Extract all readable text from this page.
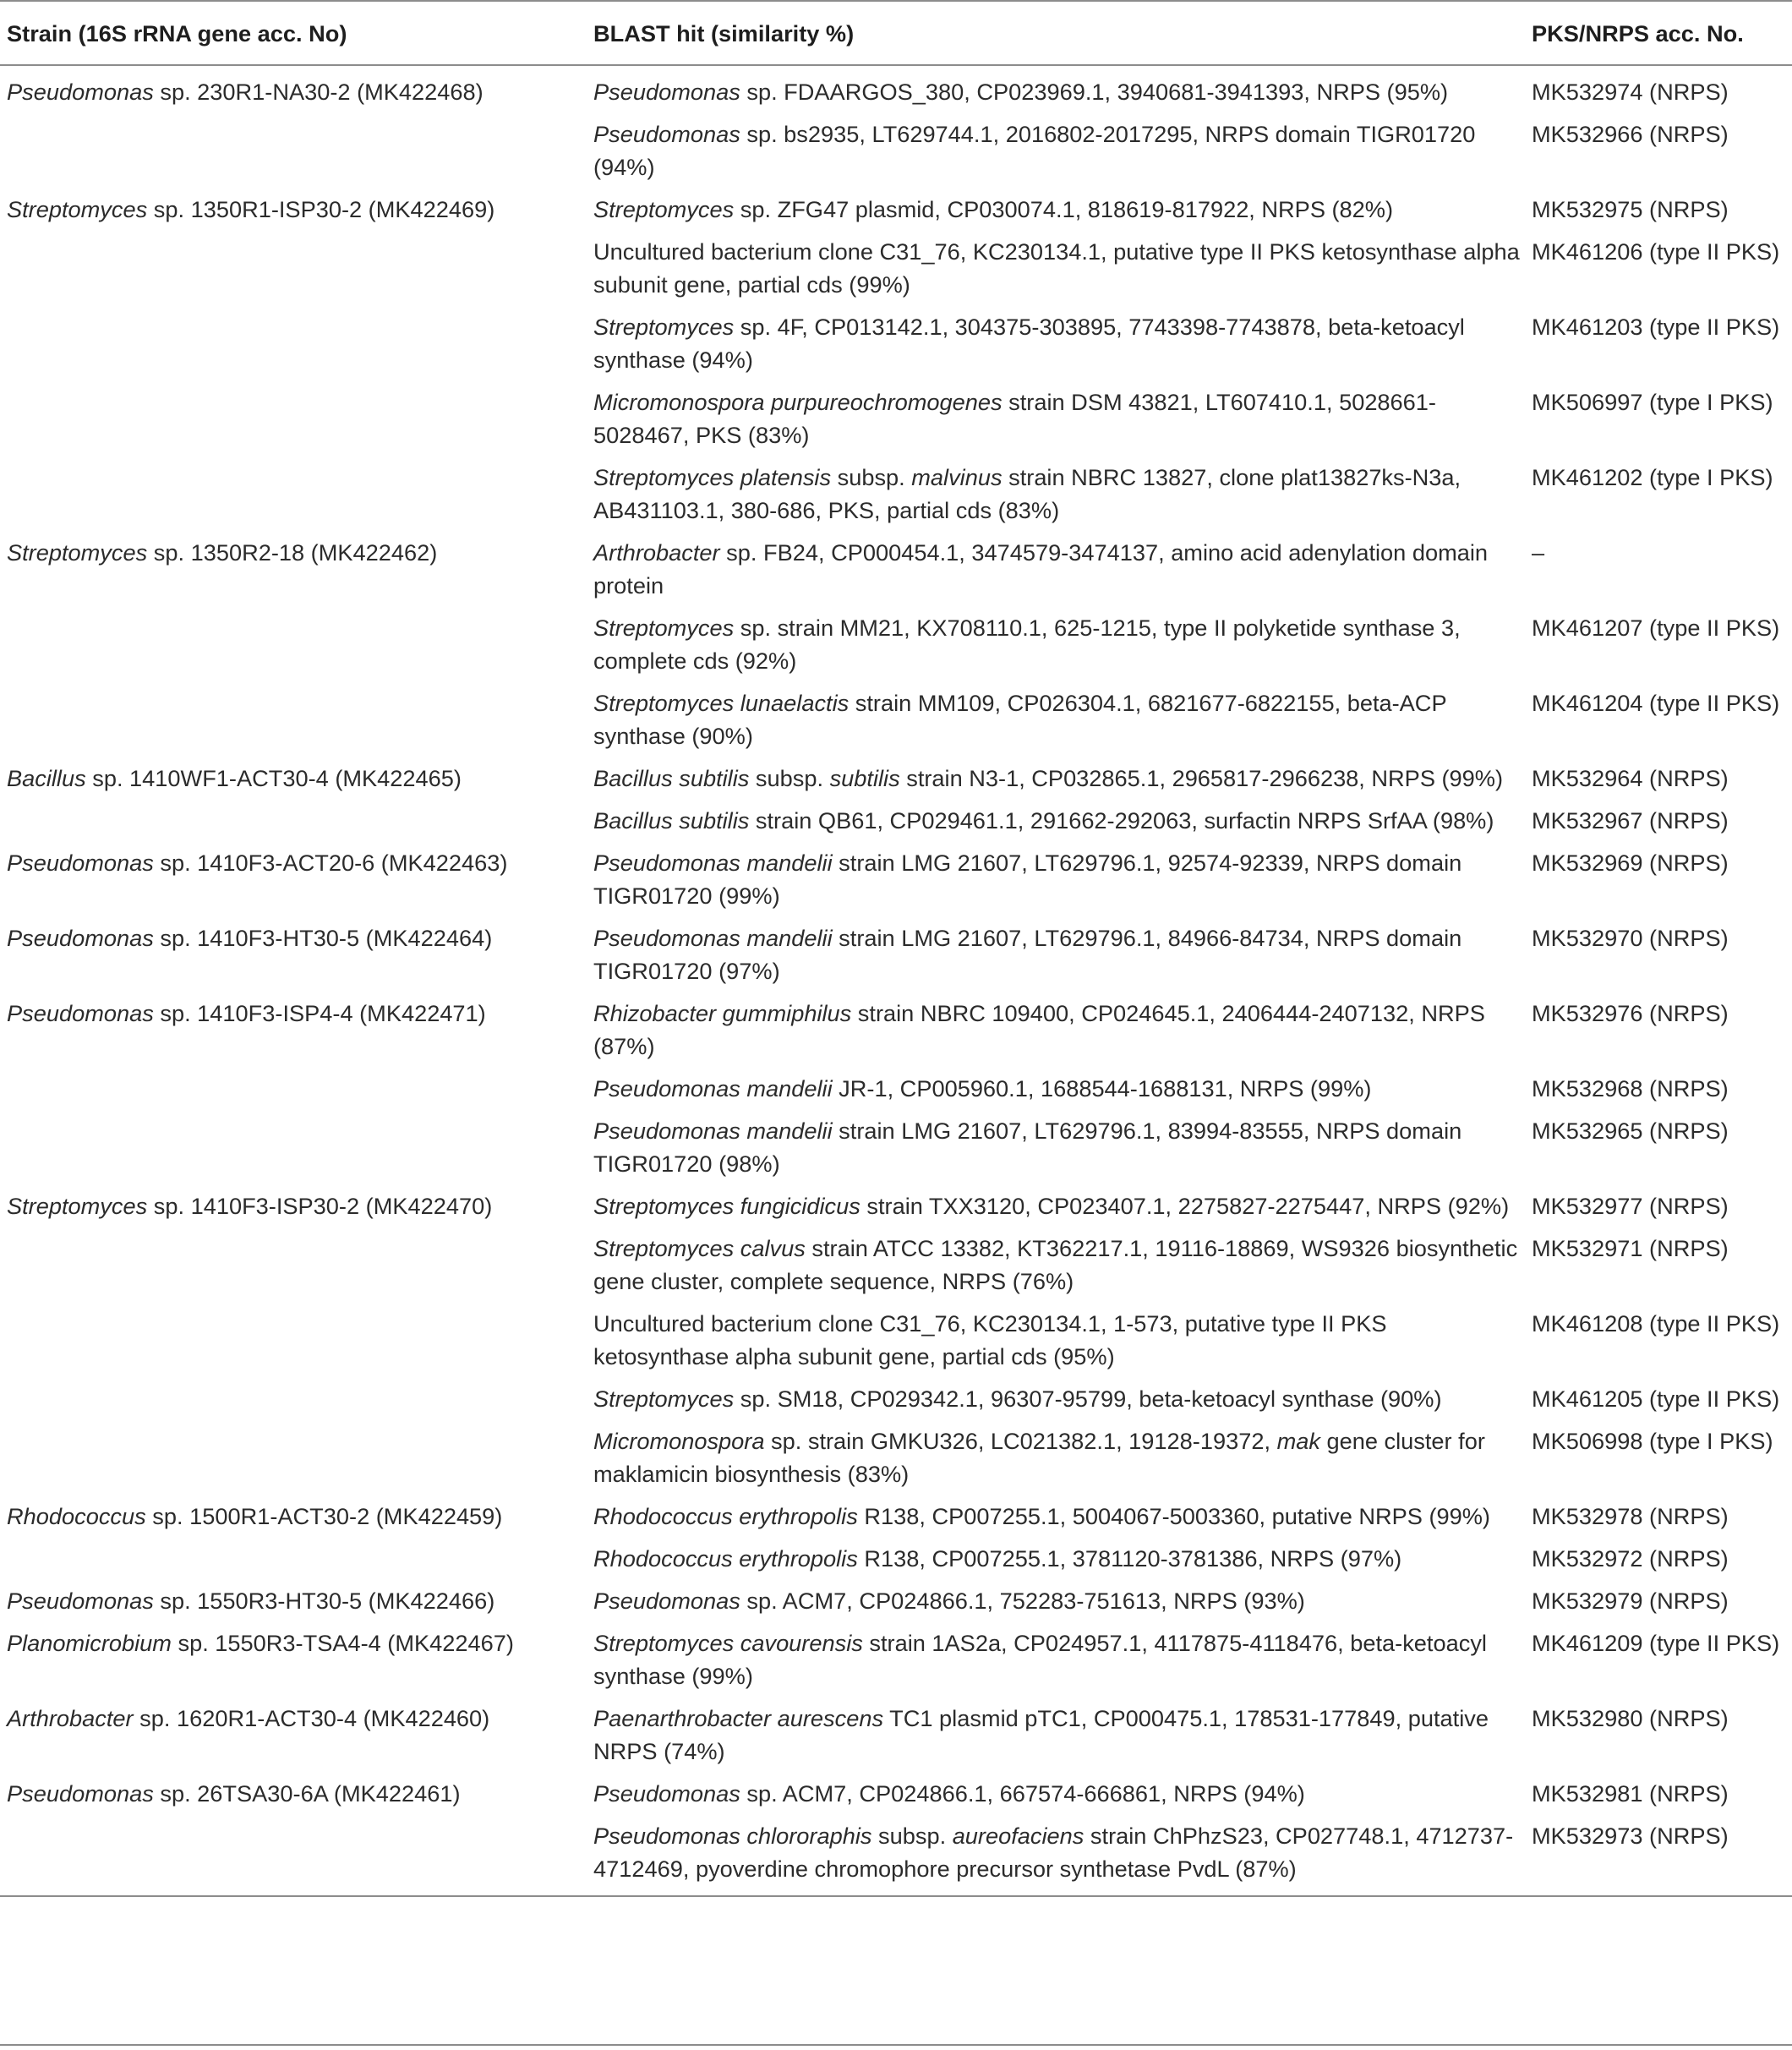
Strain (16S rRNA gene acc. No)	BLAST hit (similarity %)	PKS/NRPS acc. No.
Pseudomonas sp. 230R1-NA30-2 (MK422468)	Pseudomonas sp. FDAARGOS_380, CP023969.1, 3940681-3941393, NRPS (95%)	MK532974 (NRPS)
	Pseudomonas sp. bs2935, LT629744.1, 2016802-2017295, NRPS domain TIGR01720 (94%)	MK532966 (NRPS)
Streptomyces sp. 1350R1-ISP30-2 (MK422469)	Streptomyces sp. ZFG47 plasmid, CP030074.1, 818619-817922, NRPS (82%)	MK532975 (NRPS)
	Uncultured bacterium clone C31_76, KC230134.1, putative type II PKS ketosynthase alpha subunit gene, partial cds (99%)	MK461206 (type II PKS)
	Streptomyces sp. 4F, CP013142.1, 304375-303895, 7743398-7743878, beta-ketoacyl synthase (94%)	MK461203 (type II PKS)
	Micromonospora purpureochromogenes strain DSM 43821, LT607410.1, 5028661-5028467, PKS (83%)	MK506997 (type I PKS)
	Streptomyces platensis subsp. malvinus strain NBRC 13827, clone plat13827ks-N3a, AB431103.1, 380-686, PKS, partial cds (83%)	MK461202 (type I PKS)
Streptomyces sp. 1350R2-18 (MK422462)	Arthrobacter sp. FB24, CP000454.1, 3474579-3474137, amino acid adenylation domain protein	–
	Streptomyces sp. strain MM21, KX708110.1, 625-1215, type II polyketide synthase 3, complete cds (92%)	MK461207 (type II PKS)
	Streptomyces lunaelactis strain MM109, CP026304.1, 6821677-6822155, beta-ACP synthase (90%)	MK461204 (type II PKS)
Bacillus sp. 1410WF1-ACT30-4 (MK422465)	Bacillus subtilis subsp. subtilis strain N3-1, CP032865.1, 2965817-2966238, NRPS (99%)	MK532964 (NRPS)
	Bacillus subtilis strain QB61, CP029461.1, 291662-292063, surfactin NRPS SrfAA (98%)	MK532967 (NRPS)
Pseudomonas sp. 1410F3-ACT20-6 (MK422463)	Pseudomonas mandelii strain LMG 21607, LT629796.1, 92574-92339, NRPS domain TIGR01720 (99%)	MK532969 (NRPS)
Pseudomonas sp. 1410F3-HT30-5 (MK422464)	Pseudomonas mandelii strain LMG 21607, LT629796.1, 84966-84734, NRPS domain TIGR01720 (97%)	MK532970 (NRPS)
Pseudomonas sp. 1410F3-ISP4-4 (MK422471)	Rhizobacter gummiphilus strain NBRC 109400, CP024645.1, 2406444-2407132, NRPS (87%)	MK532976 (NRPS)
	Pseudomonas mandelii JR-1, CP005960.1, 1688544-1688131, NRPS (99%)	MK532968 (NRPS)
	Pseudomonas mandelii strain LMG 21607, LT629796.1, 83994-83555, NRPS domain TIGR01720 (98%)	MK532965 (NRPS)
Streptomyces sp. 1410F3-ISP30-2 (MK422470)	Streptomyces fungicidicus strain TXX3120, CP023407.1, 2275827-2275447, NRPS (92%)	MK532977 (NRPS)
	Streptomyces calvus strain ATCC 13382, KT362217.1, 19116-18869, WS9326 biosynthetic gene cluster, complete sequence, NRPS (76%)	MK532971 (NRPS)
	Uncultured bacterium clone C31_76, KC230134.1, 1-573, putative type II PKS ketosynthase alpha subunit gene, partial cds (95%)	MK461208 (type II PKS)
	Streptomyces sp. SM18, CP029342.1, 96307-95799, beta-ketoacyl synthase (90%)	MK461205 (type II PKS)
	Micromonospora sp. strain GMKU326, LC021382.1, 19128-19372, mak gene cluster for maklamicin biosynthesis (83%)	MK506998 (type I PKS)
Rhodococcus sp. 1500R1-ACT30-2 (MK422459)	Rhodococcus erythropolis R138, CP007255.1, 5004067-5003360, putative NRPS (99%)	MK532978 (NRPS)
	Rhodococcus erythropolis R138, CP007255.1, 3781120-3781386, NRPS (97%)	MK532972 (NRPS)
Pseudomonas sp. 1550R3-HT30-5 (MK422466)	Pseudomonas sp. ACM7, CP024866.1, 752283-751613, NRPS (93%)	MK532979 (NRPS)
Planomicrobium sp. 1550R3-TSA4-4 (MK422467)	Streptomyces cavourensis strain 1AS2a, CP024957.1, 4117875-4118476, beta-ketoacyl synthase (99%)	MK461209 (type II PKS)
Arthrobacter sp. 1620R1-ACT30-4 (MK422460)	Paenarthrobacter aurescens TC1 plasmid pTC1, CP000475.1, 178531-177849, putative NRPS (74%)	MK532980 (NRPS)
Pseudomonas sp. 26TSA30-6A (MK422461)	Pseudomonas sp. ACM7, CP024866.1, 667574-666861, NRPS (94%)	MK532981 (NRPS)
	Pseudomonas chlororaphis subsp. aureofaciens strain ChPhzS23, CP027748.1, 4712737-4712469, pyoverdine chromophore precursor synthetase PvdL (87%)	MK532973 (NRPS)
